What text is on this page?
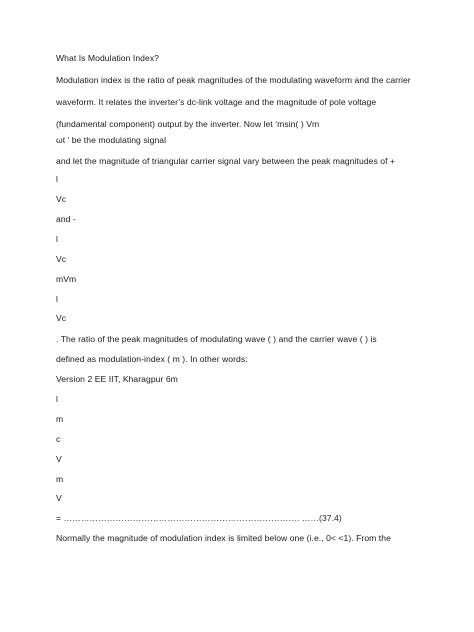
What Is Modulation Index?
Modulation index is the ratio of peak magnitudes of the modulating waveform and the carrier
waveform. It relates the inverter’s dc-link voltage and the magnitude of pole voltage
(fundamental component) output by the inverter. Now let ‘msin( ) Vm
ωt ’ be the modulating signal
and let the magnitude of triangular carrier signal vary between the peak magnitudes of +
l
Vc
and -
l
Vc
mVm
l
Vc
. The ratio of the peak magnitudes of modulating wave ( ) and the carrier wave ( ) is
defined as modulation-index ( m ). In other words:
Version 2 EE IIT, Kharagpur 6m
l
m
c
V
m
V
= ………………………………………………………………………. ……(37.4)
Normally the magnitude of modulation index is limited below one (i.e., 0< <1). From the
